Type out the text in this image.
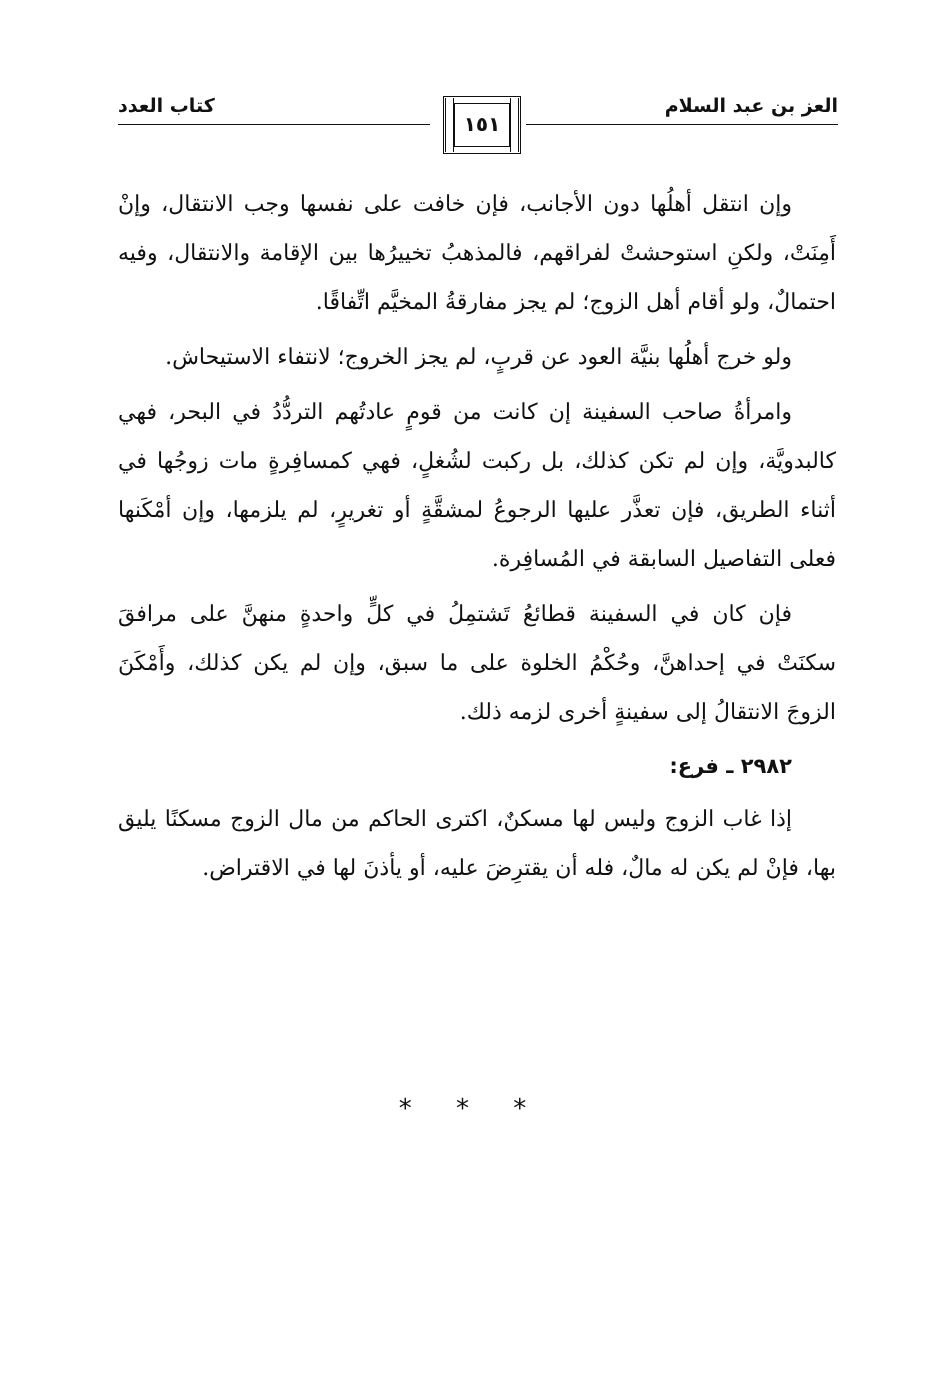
العز بن عبد السلام
١٥١
كتاب العدد

وإن انتقل أهلُها دون الأجانب، فإن خافت على نفسها وجب الانتقال، وإنْ أَمِنَتْ، ولكنِ استوحشتْ لفراقهم، فالمذهبُ تخييرُها بين الإقامة والانتقال، وفيه احتمالٌ، ولو أقام أهل الزوج؛ لم يجز مفارقةُ المخيَّم اتِّفاقًا.

ولو خرج أهلُها بنيَّة العود عن قربٍ، لم يجز الخروج؛ لانتفاء الاستيحاش.

وامرأةُ صاحب السفينة إن كانت من قومٍ عادتُهم التردُّدُ في البحر، فهي كالبدويَّة، وإن لم تكن كذلك، بل ركبت لشُغلٍ، فهي كمسافِرةٍ مات زوجُها في أثناء الطريق، فإن تعذَّر عليها الرجوعُ لمشقَّةٍ أو تغريرٍ، لم يلزمها، وإن أمْكَنها فعلى التفاصيل السابقة في المُسافِرة.

فإن كان في السفينة قطائعُ تَشتمِلُ في كلٍّ واحدةٍ منهنَّ على مرافقَ سكنَتْ في إحداهنَّ، وحُكْمُ الخلوة على ما سبق، وإن لم يكن كذلك، وأَمْكَنَ الزوجَ الانتقالُ إلى سفينةٍ أخرى لزمه ذلك.

٢٩٨٢ ـ فرع:

إذا غاب الزوج وليس لها مسكنٌ، اكترى الحاكم من مال الزوج مسكنًا يليق بها، فإنْ لم يكن له مالٌ، فله أن يقترِضَ عليه، أو يأذنَ لها في الاقتراض.

* * *
